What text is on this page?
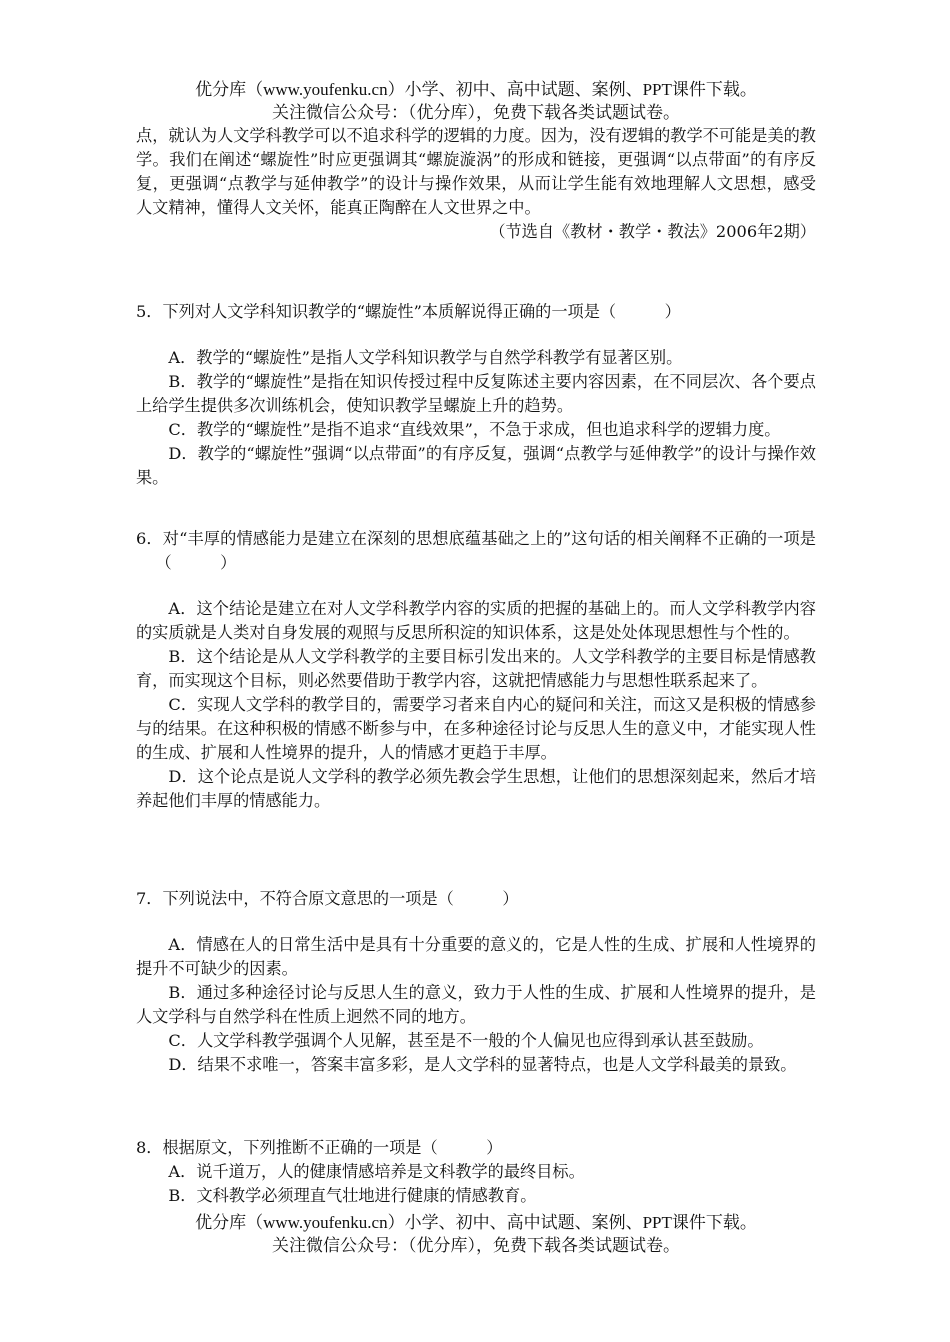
优分库（www.youfenku.cn）小学、初中、高中试题、案例、PPT课件下载。
关注微信公众号：（优分库），免费下载各类试题试卷。

点，就认为人文学科教学可以不追求科学的逻辑的力度。因为，没有逻辑的教学不可能是美的教学。我们在阐述“螺旋性”时应更强调其“螺旋漩涡”的形成和链接，更强调“以点带面”的有序反复，更强调“点教学与延伸教学”的设计与操作效果，从而让学生能有效地理解人文思想，感受人文精神，懂得人文关怀，能真正陶醉在人文世界之中。

（节选自《教材・教学・教法》2006年2期）

5．下列对人文学科知识教学的“螺旋性”本质解说得正确的一项是（　　　）

A．教学的“螺旋性”是指人文学科知识教学与自然学科教学有显著区别。

B．教学的“螺旋性”是指在知识传授过程中反复陈述主要内容因素，在不同层次、各个要点上给学生提供多次训练机会，使知识教学呈螺旋上升的趋势。

C．教学的“螺旋性”是指不追求“直线效果”，不急于求成，但也追求科学的逻辑力度。

D．教学的“螺旋性”强调“以点带面”的有序反复，强调“点教学与延伸教学”的设计与操作效果。

6．对“丰厚的情感能力是建立在深刻的思想底蕴基础之上的”这句话的相关阐释不正确的一项是（　　　）

A．这个结论是建立在对人文学科教学内容的实质的把握的基础上的。而人文学科教学内容的实质就是人类对自身发展的观照与反思所积淀的知识体系，这是处处体现思想性与个性的。

B．这个结论是从人文学科教学的主要目标引发出来的。人文学科教学的主要目标是情感教育，而实现这个目标，则必然要借助于教学内容，这就把情感能力与思想性联系起来了。

C．实现人文学科的教学目的，需要学习者来自内心的疑问和关注，而这又是积极的情感参与的结果。在这种积极的情感不断参与中，在多种途径讨论与反思人生的意义中，才能实现人性的生成、扩展和人性境界的提升，人的情感才更趋于丰厚。

D．这个论点是说人文学科的教学必须先教会学生思想，让他们的思想深刻起来，然后才培养起他们丰厚的情感能力。

7．下列说法中，不符合原文意思的一项是（　　　）

A．情感在人的日常生活中是具有十分重要的意义的，它是人性的生成、扩展和人性境界的提升不可缺少的因素。

B．通过多种途径讨论与反思人生的意义，致力于人性的生成、扩展和人性境界的提升，是人文学科与自然学科在性质上迥然不同的地方。

C．人文学科教学强调个人见解，甚至是不一般的个人偏见也应得到承认甚至鼓励。

D．结果不求唯一，答案丰富多彩，是人文学科的显著特点，也是人文学科最美的景致。

8．根据原文，下列推断不正确的一项是（　　　）

A．说千道万，人的健康情感培养是文科教学的最终目标。

B．文科教学必须理直气壮地进行健康的情感教育。

优分库（www.youfenku.cn）小学、初中、高中试题、案例、PPT课件下载。
关注微信公众号：（优分库），免费下载各类试题试卷。
